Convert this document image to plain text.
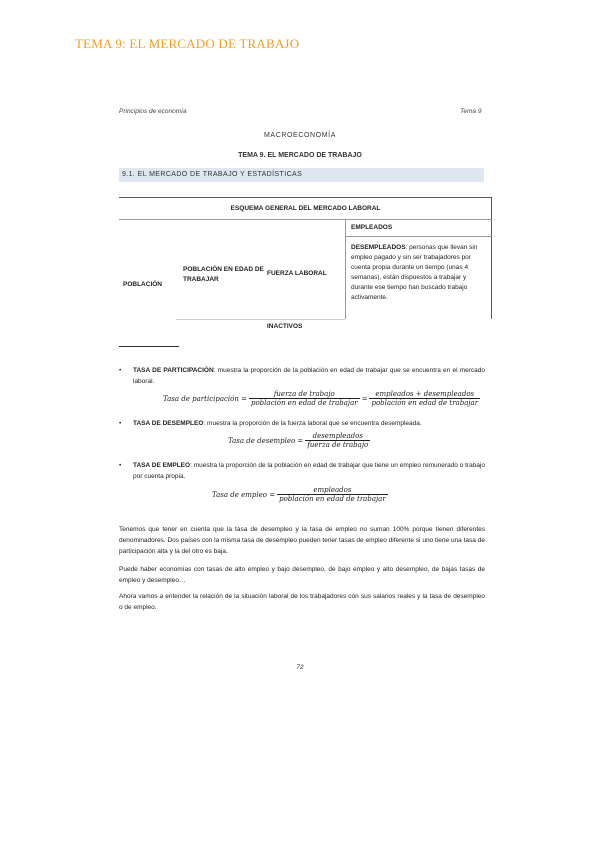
TEMA 9: EL MERCADO DE TRABAJO
Principios de economía	Tema 9
MACROECONOMÍA
TEMA 9. EL MERCADO DE TRABAJO
9.1. EL MERCADO DE TRABAJO Y ESTADÍSTICAS
ESQUEMA GENERAL DEL MERCADO LABORAL
POBLACIÓN
POBLACIÓN EN EDAD DE TRABAJAR
FUERZA LABORAL
EMPLEADOS
DESEMPLEADOS: personas que llevan sin empleo pagado y sin ser trabajadores por cuenta propia durante un tiempo (unas 4 semanas), están dispuestos a trabajar y durante ese tiempo han buscado trabajo activamente.
INACTIVOS
• TASA DE PARTICIPACIÓN: muestra la proporción de la población en edad de trabajar que se encuentra en el mercado laboral.
Tasa de participación = $\frac{\text{fuerza de trabajo}}{\text{población en edad de trabajar}} = \frac{\text{empleados + desempleados}}{\text{población en edad de trabajar}}$
• TASA DE DESEMPLEO: muestra la proporción de la fuerza laboral que se encuentra desempleada.
Tasa de desempleo = $\frac{\text{desempleados}}{\text{fuerza de trabajo}}$
• TASA DE EMPLEO: muestra la proporción de la población en edad de trabajar que tiene un empleo remunerado o trabajo por cuenta propia.
Tasa de empleo = $\frac{\text{empleados}}{\text{población en edad de trabajar}}$
Tenemos que tener en cuenta que la tasa de desempleo y la tasa de empleo no suman 100% porque tienen diferentes denominadores. Dos países con la misma tasa de desempleo pueden tener tasas de empleo diferente si uno tiene una tasa de participación alta y la del otro es baja.
Puede haber economías con tasas de alto empleo y bajo desempleo, de bajo empleo y alto desempleo, de bajas tasas de empleo y desempleo…
Ahora vamos a entender la relación de la situación laboral de los trabajadores con sus salarios reales y la tasa de desempleo o de empleo.
72
